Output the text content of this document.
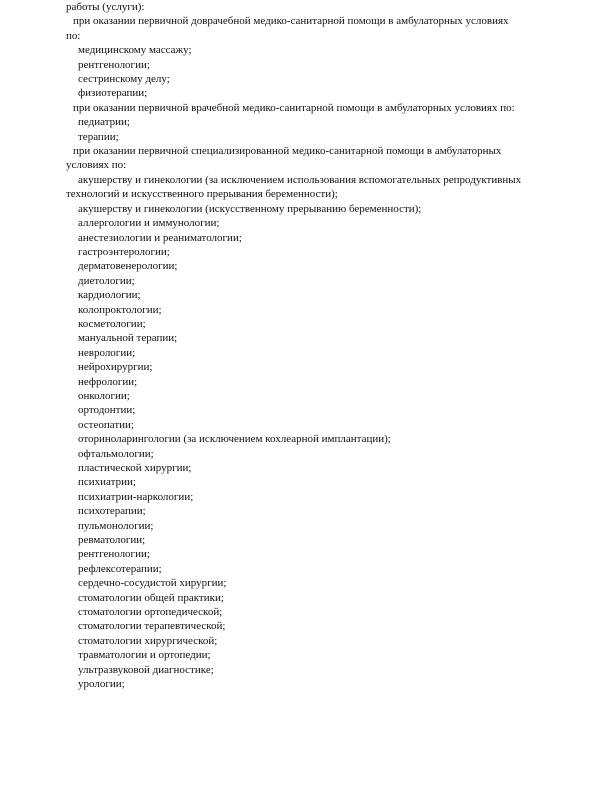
работы (услуги):
при оказании первичной доврачебной медико-санитарной помощи в амбулаторных условиях
по:
медицинскому массажу;
рентгенологии;
сестринскому делу;
физиотерапии;
при оказании первичной врачебной медико-санитарной помощи в амбулаторных условиях по:
педиатрии;
терапии;
при оказании первичной специализированной медико-санитарной помощи в амбулаторных
условиях по:
акушерству и гинекологии (за исключением использования вспомогательных репродуктивных
технологий и искусственного прерывания беременности);
акушерству и гинекологии (искусственному прерыванию беременности);
аллергологии и иммунологии;
анестезиологии и реаниматологии;
гастроэнтерологии;
дерматовенерологии;
диетологии;
кардиологии;
колопроктологии;
косметологии;
мануальной терапии;
неврологии;
нейрохирургии;
нефрологии;
онкологии;
ортодонтии;
остеопатии;
оториноларингологии (за исключением кохлеарной имплантации);
офтальмологии;
пластической хирургии;
психиатрии;
психиатрии-наркологии;
психотерапии;
пульмонологии;
ревматологии;
рентгенологии;
рефлексотерапии;
сердечно-сосудистой хирургии;
стоматологии общей практики;
стоматологии ортопедической;
стоматологии терапевтической;
стоматологии хирургической;
травматологии и ортопедии;
ультразвуковой диагностике;
урологии;
